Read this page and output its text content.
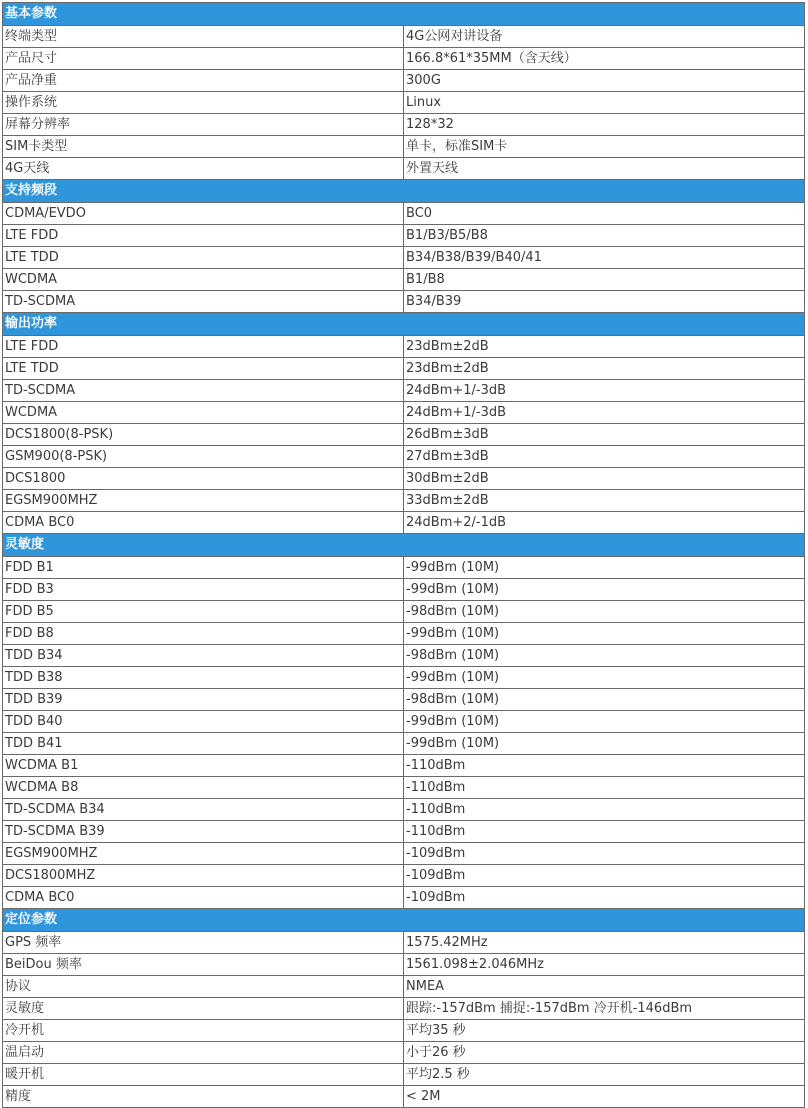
基本参数	
终端类型	4G公网对讲设备
产品尺寸	166.8*61*35MM（含天线）
产品净重	300G
操作系统	Linux
屏幕分辨率	128*32
SIM卡类型	单卡，标准SIM卡
4G天线	外置天线
支持频段	
CDMA/EVDO	BC0
LTE FDD	B1/B3/B5/B8
LTE TDD	B34/B38/B39/B40/41
WCDMA	B1/B8
TD-SCDMA	B34/B39
输出功率	
LTE FDD	23dBm±2dB
LTE TDD	23dBm±2dB
TD-SCDMA	24dBm+1/-3dB
WCDMA	24dBm+1/-3dB
DCS1800(8-PSK)	26dBm±3dB
GSM900(8-PSK)	27dBm±3dB
DCS1800	30dBm±2dB
EGSM900MHZ	33dBm±2dB
CDMA BC0	24dBm+2/-1dB
灵敏度	
FDD B1	-99dBm (10M)
FDD B3	-99dBm (10M)
FDD B5	-98dBm (10M)
FDD B8	-99dBm (10M)
TDD B34	-98dBm (10M)
TDD B38	-99dBm (10M)
TDD B39	-98dBm (10M)
TDD B40	-99dBm (10M)
TDD B41	-99dBm (10M)
WCDMA B1	-110dBm
WCDMA B8	-110dBm
TD-SCDMA B34	-110dBm
TD-SCDMA B39	-110dBm
EGSM900MHZ	-109dBm
DCS1800MHZ	-109dBm
CDMA BC0	-109dBm
定位参数	
GPS 频率	1575.42MHz
BeiDou 频率	1561.098±2.046MHz
协议	NMEA
灵敏度	跟踪:-157dBm 捕捉:-157dBm 冷开机-146dBm
冷开机	平均35 秒
温启动	小于26 秒
暖开机	平均2.5 秒
精度	< 2M
